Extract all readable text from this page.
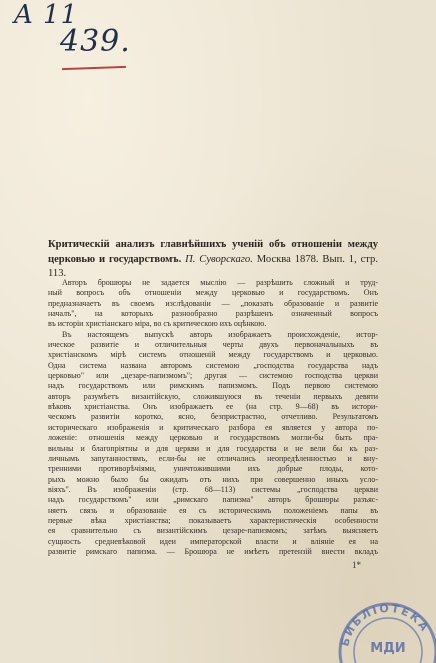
A 11
439.
Критическій анализъ главнѣйшихъ ученій объ отношеніи между церковью и государствомъ. П. Суворскаго. Москва 1878. Вып. 1, стр. 113.
Авторъ брошюры не задается мыслію — разрѣшить сложный и труд-
ный вопросъ объ отношеніи между церковью и государствомъ. Онъ
предназначаетъ въ своемъ изслѣдованіи — „показать образованіе и развитіе
началъ", на которыхъ разнообразно разрѣшенъ означенный вопросъ
въ исторіи христіанскаго міра, во съ критическою ихъ оцѣнкою.
Въ настоящемъ выпускѣ авторъ изображаетъ происхожденіе, истор-
ическое развитіе и отличительныя черты двухъ первоначальныхъ въ
христіанскомъ мірѣ системъ отношеній между государствомъ и церковью.
Одна система названа авторомъ системою „господства государства надъ
церковью" или „цезаре-папизмомъ"; другая — системою господства церкви
надъ государствомъ или римскимъ папизмомъ. Подъ первою системою
авторъ разумѣетъ византійскую, сложившуюся въ теченіи первыхъ девяти
вѣковъ христіанства. Онъ изображаетъ ее (на стр. 9—68) въ истори-
ческомъ развитіи коротко, ясно, безпристрастно, отчетливо. Результатомъ
историческаго изображенія и критическаго разбора ея является у автора по-
ложеніе: отношенія между церковью и государствомъ могли-бы быть пра-
вильны и благопріятны и для церкви и для государства и не вели бы къ раз-
личнымъ запутанностямъ, если-бы не отличались неопредѣленностью и вну-
тренними противорѣчіями, уничтожившими ихъ добрые плоды, кото-
рыхъ можно было бы ожидать отъ нихъ при совершенно иныхъ усло-
віяхъ". Въ изображеніи (стр. 68—113) системы „господства церкви
надъ государствомъ" или „римскаго папизма" авторъ брошюры разъяс-
няетъ связь и образованіе ея съ историческимъ положеніемъ папы въ
первые вѣка христіанства; показываетъ характеристическія особенности
ея сравнительно съ византійскимъ цезаре-папизмомъ; затѣмъ выясняетъ
сущность средневѣковой идеи императорской власти и вліяніе ея на
развитіе римскаго папизма. — Брошюра не имѣетъ претензій внести вкладъ
1*
БИБЛІОТЕКА
МДИ
